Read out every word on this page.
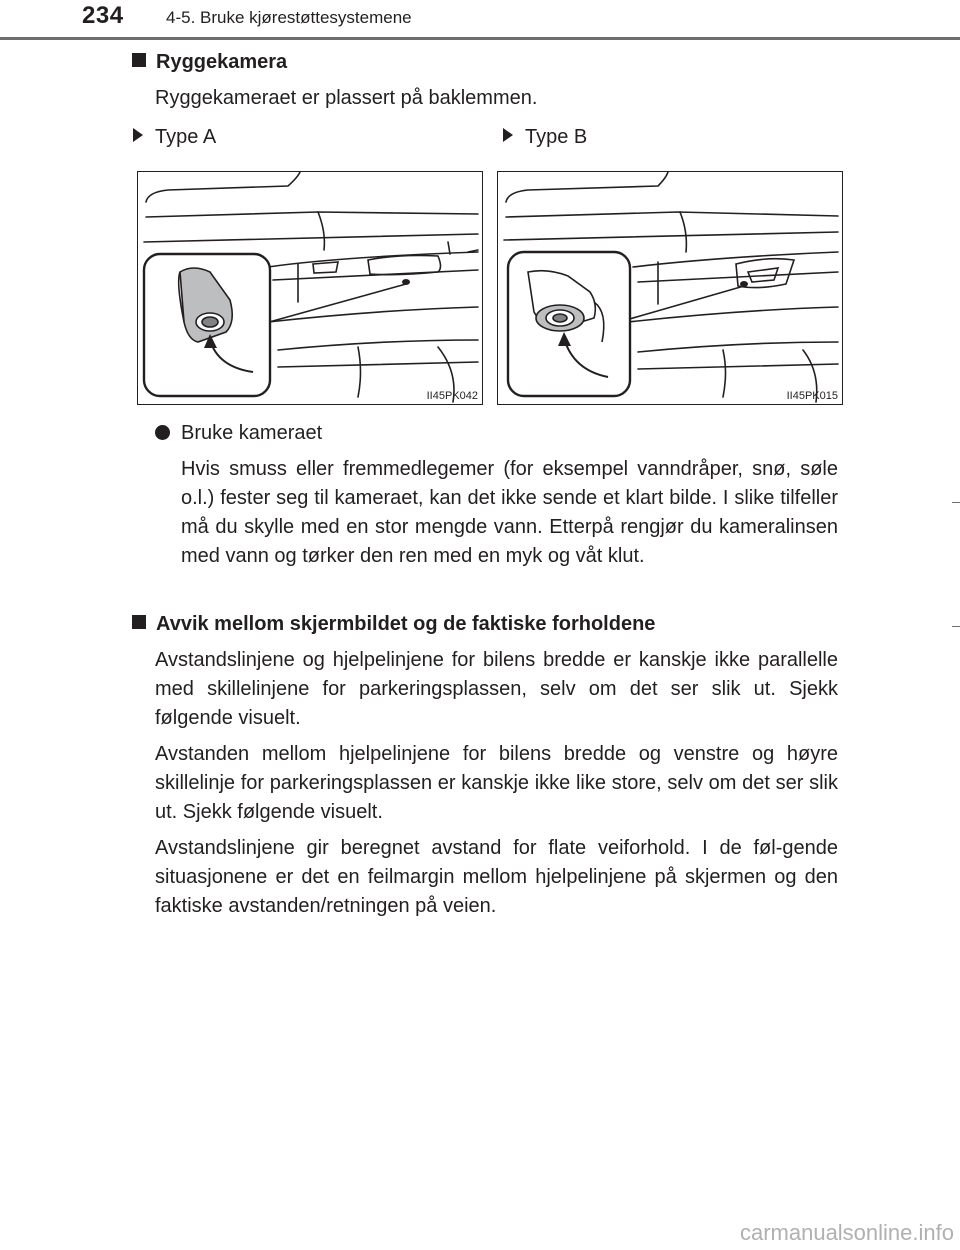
234 4-5. Bruke kjørestøttesystemene
Ryggekamera
Ryggekameraet er plassert på baklemmen.
Type A	Type B
II45PK042	II45PK015
Bruke kameraet
Hvis smuss eller fremmedlegemer (for eksempel vanndråper, snø, søle o.l.) fester seg til kameraet, kan det ikke sende et klart bilde. I slike tilfeller må du skylle med en stor mengde vann. Etterpå rengjør du kameralinsen med vann og tørker den ren med en myk og våt klut.
Avvik mellom skjermbildet og de faktiske forholdene
Avstandslinjene og hjelpelinjene for bilens bredde er kanskje ikke parallelle med skillelinjene for parkeringsplassen, selv om det ser slik ut. Sjekk følgende visuelt.
Avstanden mellom hjelpelinjene for bilens bredde og venstre og høyre skillelinje for parkeringsplassen er kanskje ikke like store, selv om det ser slik ut. Sjekk følgende visuelt.
Avstandslinjene gir beregnet avstand for flate veiforhold. I de føl-gende situasjonene er det en feilmargin mellom hjelpelinjene på skjermen og den faktiske avstanden/retningen på veien.
carmanualsonline.info
